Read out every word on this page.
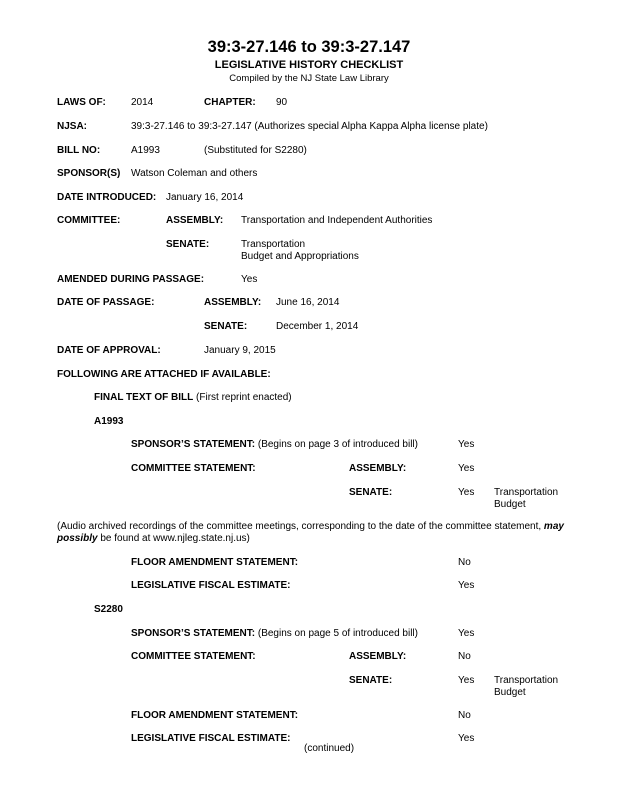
39:3-27.146 to 39:3-27.147
LEGISLATIVE HISTORY CHECKLIST
Compiled by the NJ State Law Library
LAWS OF:	2014	CHAPTER: 90
NJSA:	39:3-27.146 to 39:3-27.147 (Authorizes special Alpha Kappa Alpha license plate)
BILL NO:	A1993	(Substituted for S2280)
SPONSOR(S) Watson Coleman and others
DATE INTRODUCED: January 16, 2014
COMMITTEE:	ASSEMBLY: Transportation and Independent Authorities
SENATE:	Transportation
Budget and Appropriations
AMENDED DURING PASSAGE:	Yes
DATE OF PASSAGE:	ASSEMBLY: June 16, 2014
SENATE:	December 1, 2014
DATE OF APPROVAL:	January 9, 2015
FOLLOWING ARE ATTACHED IF AVAILABLE:
FINAL TEXT OF BILL (First reprint enacted)
A1993
SPONSOR’S STATEMENT: (Begins on page 3 of introduced bill)	Yes
COMMITTEE STATEMENT:	ASSEMBLY:	Yes
SENATE:	Yes Transportation
Budget
(Audio archived recordings of the committee meetings, corresponding to the date of the committee statement, may possibly be found at www.njleg.state.nj.us)
FLOOR AMENDMENT STATEMENT:	No
LEGISLATIVE FISCAL ESTIMATE:	Yes
S2280
SPONSOR’S STATEMENT: (Begins on page 5 of introduced bill)	Yes
COMMITTEE STATEMENT:	ASSEMBLY:	No
SENATE:	Yes Transportation
Budget
FLOOR AMENDMENT STATEMENT:	No
LEGISLATIVE FISCAL ESTIMATE:	Yes
(continued)
